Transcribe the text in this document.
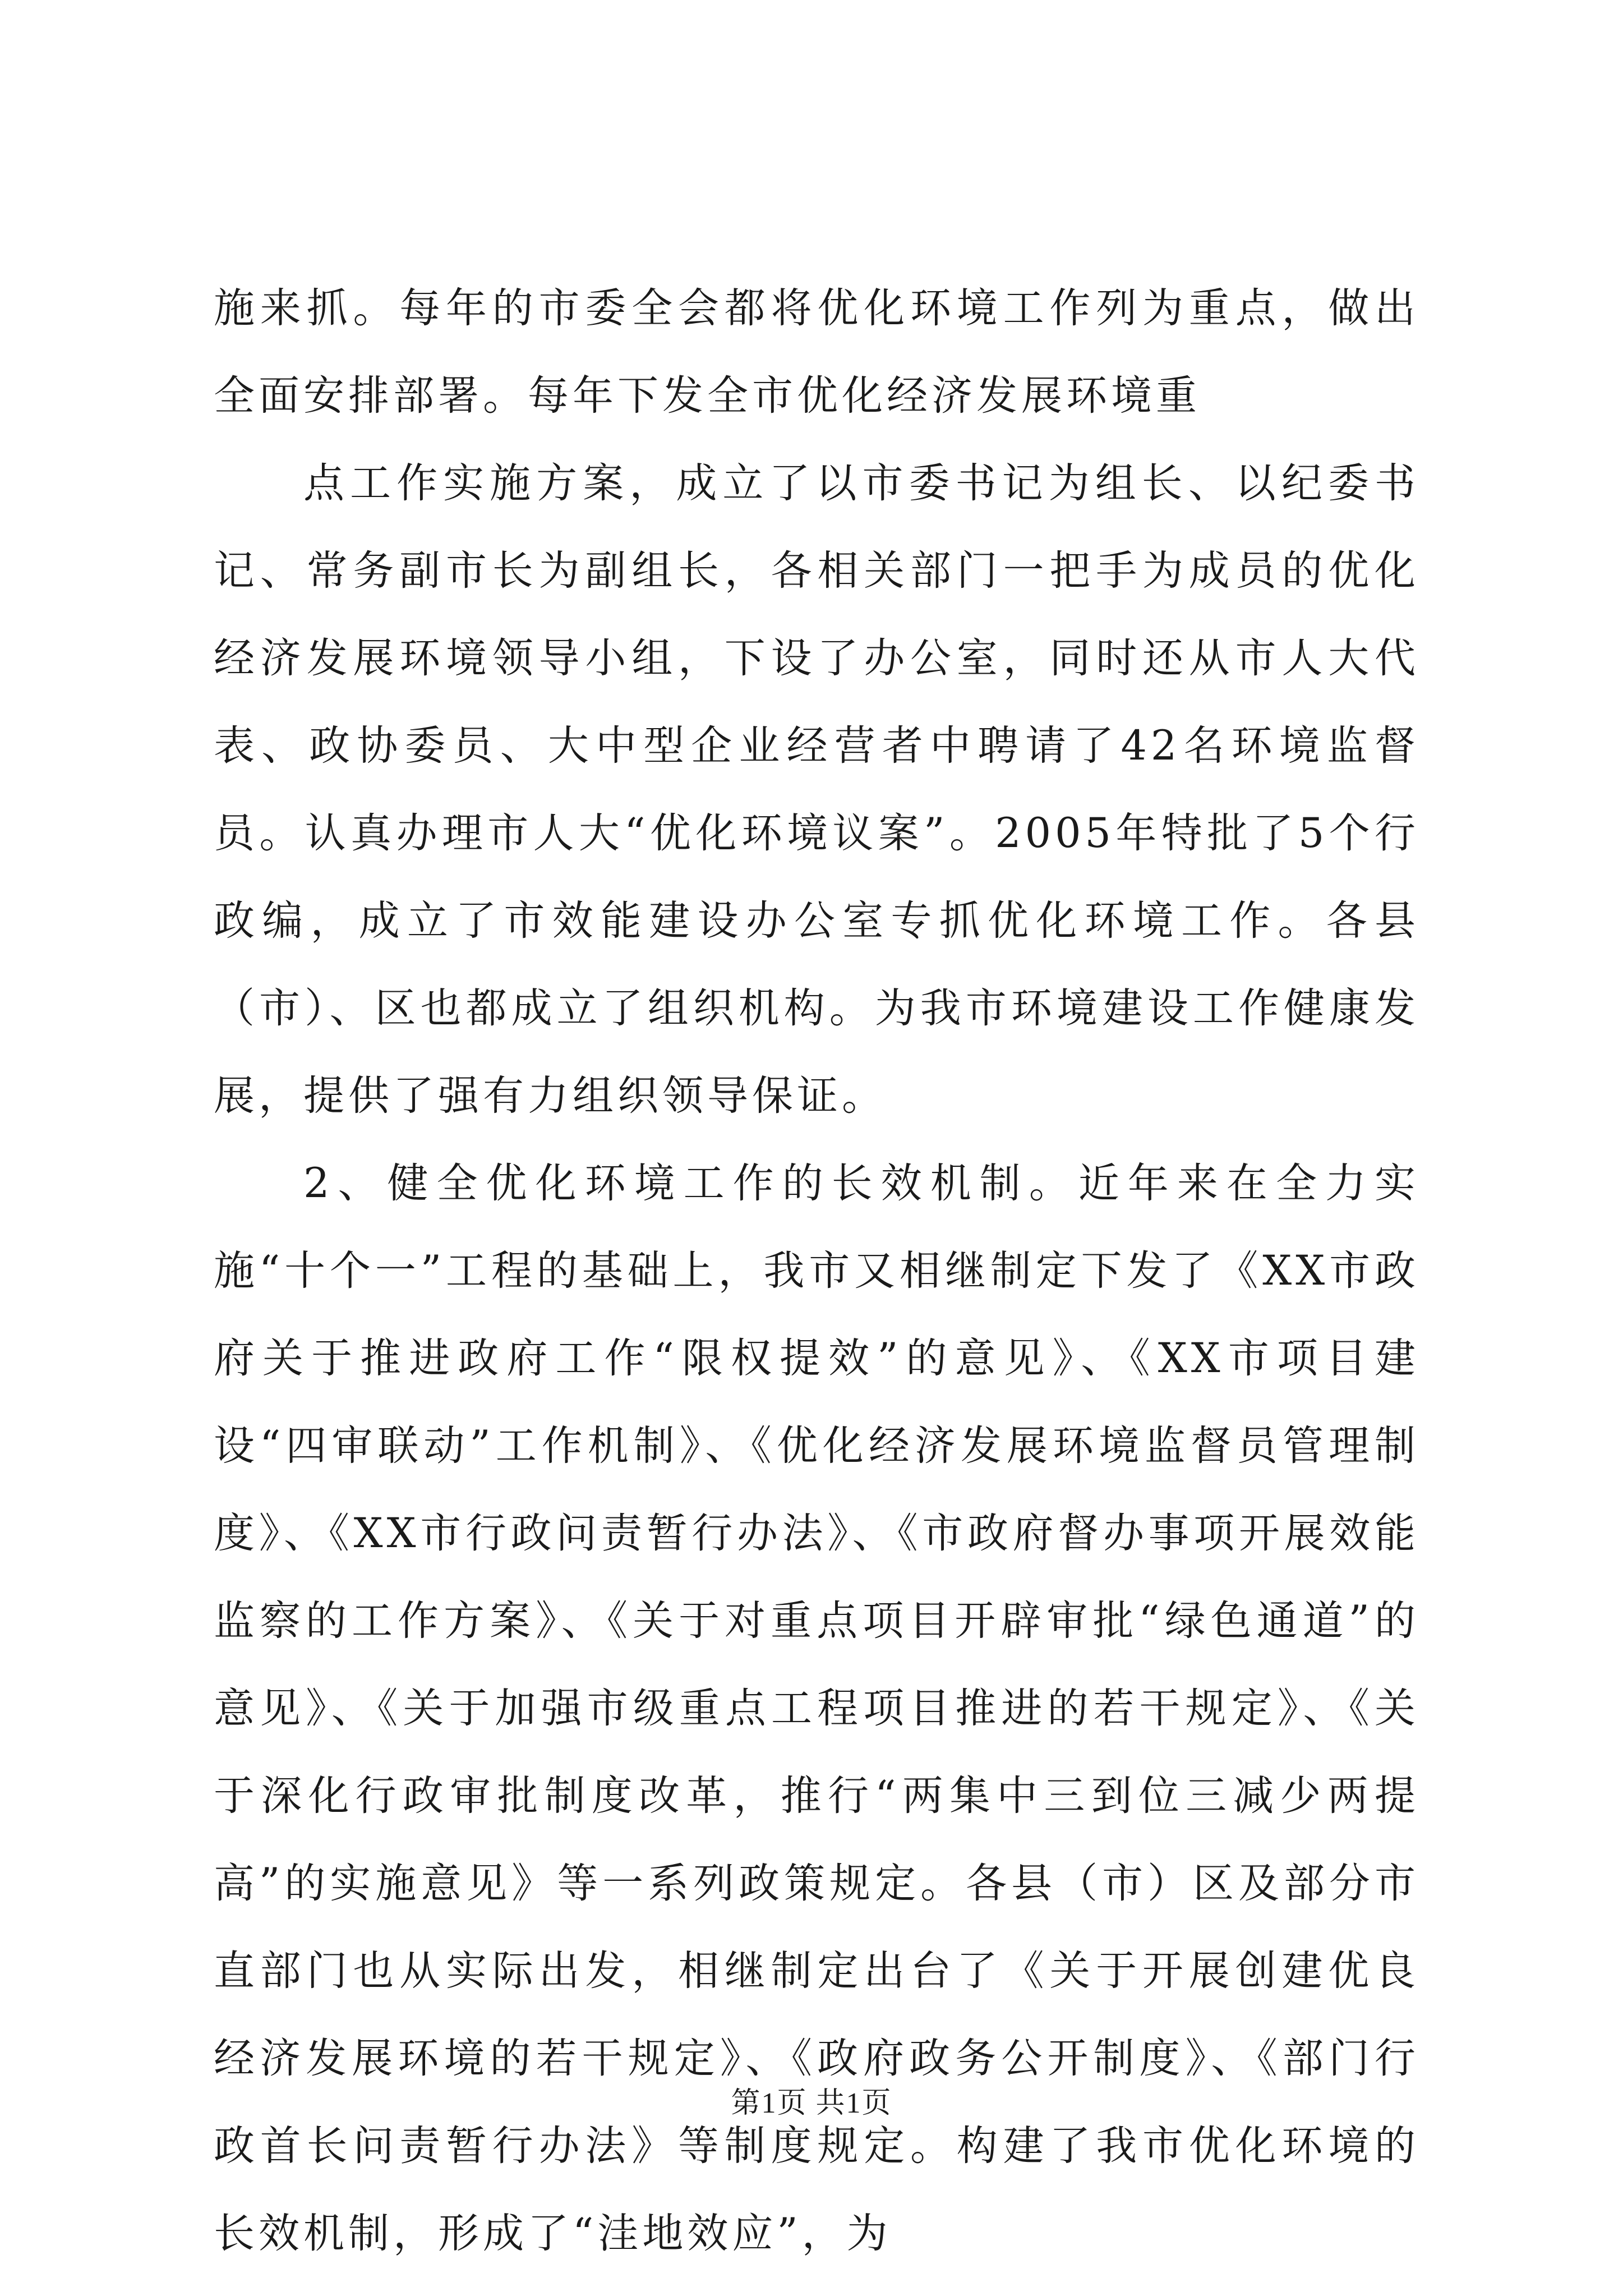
施来抓。每年的市委全会都将优化环境工作列为重点，做出全面安排部署。每年下发全市优化经济发展环境重

点工作实施方案，成立了以市委书记为组长、以纪委书记、常务副市长为副组长，各相关部门一把手为成员的优化经济发展环境领导小组，下设了办公室，同时还从市人大代表、政协委员、大中型企业经营者中聘请了42名环境监督员。认真办理市人大“优化环境议案”。2005年特批了5个行政编，成立了市效能建设办公室专抓优化环境工作。各县（市）、区也都成立了组织机构。为我市环境建设工作健康发展，提供了强有力组织领导保证。

2、健全优化环境工作的长效机制。近年来在全力实施“十个一”工程的基础上，我市又相继制定下发了《XX市政府关于推进政府工作“限权提效”的意见》、《XX市项目建设“四审联动”工作机制》、《优化经济发展环境监督员管理制度》、《XX市行政问责暂行办法》、《市政府督办事项开展效能监察的工作方案》、《关于对重点项目开辟审批“绿色通道”的意见》、《关于加强市级重点工程项目推进的若干规定》、《关于深化行政审批制度改革，推行“两集中三到位三减少两提高”的实施意见》等一系列政策规定。各县（市）区及部分市直部门也从实际出发，相继制定出台了《关于开展创建优良经济发展环境的若干规定》、《政府政务公开制度》、《部门行政首长问责暂行办法》等制度规定。构建了我市优化环境的长效机制，形成了“洼地效应”，为

第1页 共1页
